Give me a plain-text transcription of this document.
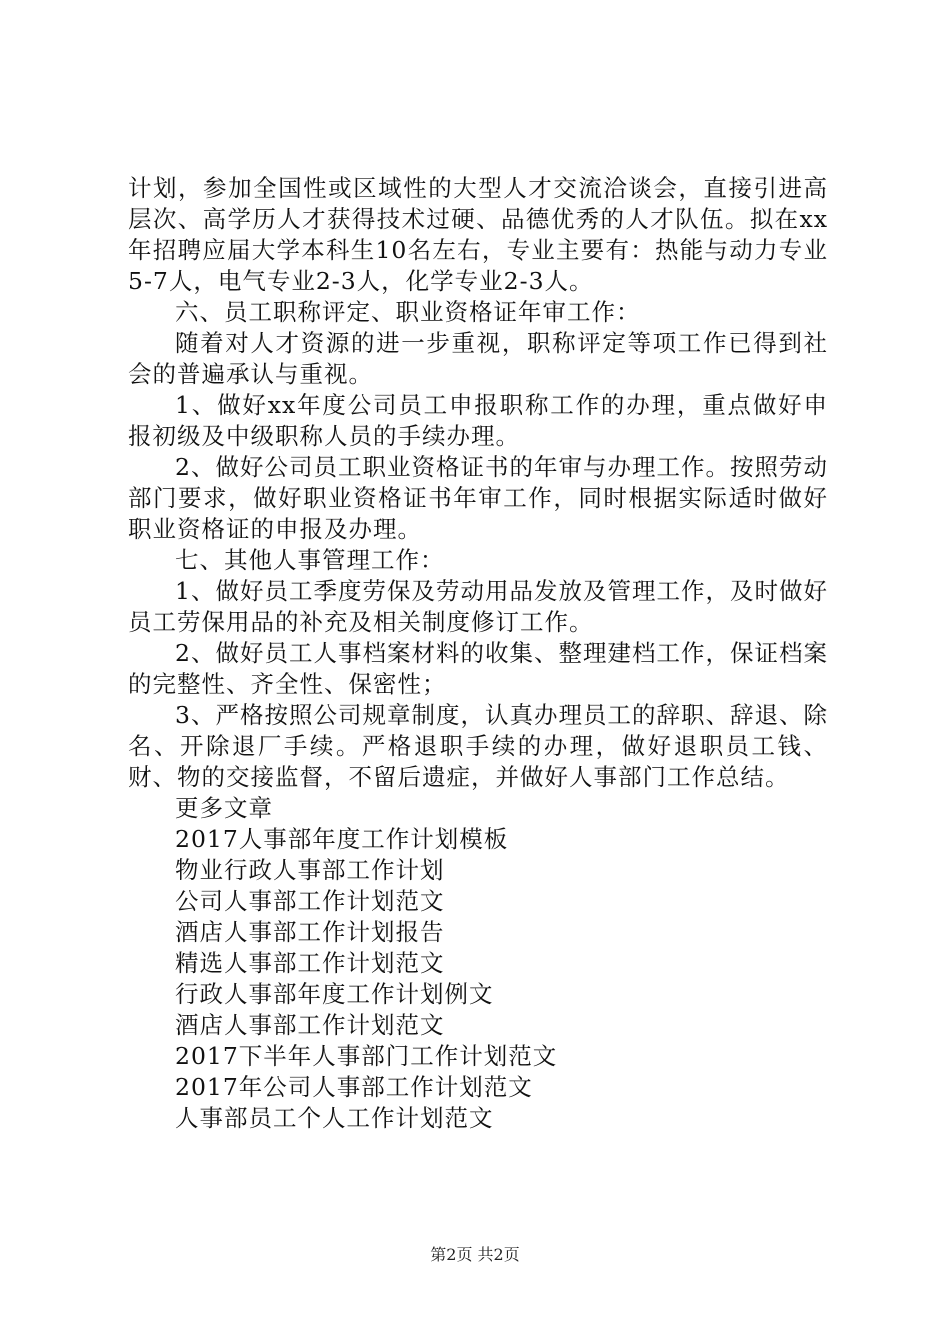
计划，参加全国性或区域性的大型人才交流洽谈会，直接引进高层次、高学历人才获得技术过硬、品德优秀的人才队伍。拟在xx年招聘应届大学本科生10名左右，专业主要有：热能与动力专业5-7人，电气专业2-3人，化学专业2-3人。

六、员工职称评定、职业资格证年审工作：

随着对人才资源的进一步重视，职称评定等项工作已得到社会的普遍承认与重视。

1、做好xx年度公司员工申报职称工作的办理，重点做好申报初级及中级职称人员的手续办理。

2、做好公司员工职业资格证书的年审与办理工作。按照劳动部门要求，做好职业资格证书年审工作，同时根据实际适时做好职业资格证的申报及办理。

七、其他人事管理工作：

1、做好员工季度劳保及劳动用品发放及管理工作，及时做好员工劳保用品的补充及相关制度修订工作。

2、做好员工人事档案材料的收集、整理建档工作，保证档案的完整性、齐全性、保密性；

3、严格按照公司规章制度，认真办理员工的辞职、辞退、除名、开除退厂手续。严格退职手续的办理，做好退职员工钱、财、物的交接监督，不留后遗症，并做好人事部门工作总结。

更多文章

2017人事部年度工作计划模板
物业行政人事部工作计划
公司人事部工作计划范文
酒店人事部工作计划报告
精选人事部工作计划范文
行政人事部年度工作计划例文
酒店人事部工作计划范文
2017下半年人事部门工作计划范文
2017年公司人事部工作计划范文
人事部员工个人工作计划范文
第2页 共2页
